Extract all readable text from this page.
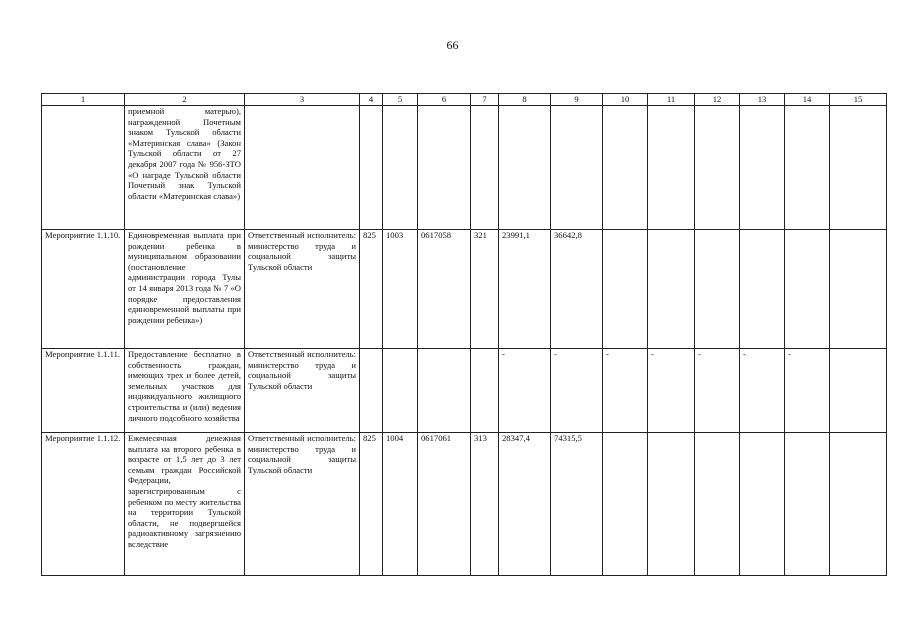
66
1	2	3	4	5	6	7	8	9	10	11	12	13	14	15
	приемной матерью), награжденной Почетным знаком Тульской области «Материнская слава» (Закон Тульской области от 27 декабря 2007 года № 956-ЗТО «О награде Тульской области Почетный знак Тульской области «Материнская слава»)													
Мероприятие 1.1.10.	Единовременная выплата при рождении ребенка в муниципальном образовании (постановление администрации города Тулы от 14 января 2013 года № 7 «О порядке предоставления единовременной выплаты при рождении ребенка»)	Ответственный исполнитель: министерство труда и социальной защиты Тульской области	825	1003	0617058	321	23991,1	36642,8						
Мероприятие 1.1.11.	Предоставление бесплатно в собственность граждан, имеющих трех и более детей, земельных участков для индивидуального жилищного строительства и (или) ведения личного подсобного хозяйства	Ответственный исполнитель: министерство труда и социальной защиты Тульской области					-	-	-	-	-	-	-	
Мероприятие 1.1.12.	Ежемесячная денежная выплата на второго ребенка в возрасте от 1,5 лет до 3 лет семьям граждан Российской Федерации, зарегистрированным с ребенком по месту жительства на территории Тульской области, не подвергшейся радиоактивному загрязнению вследствие	Ответственный исполнитель: министерство труда и социальной защиты Тульской области	825	1004	0617061	313	28347,4	74315,5						
